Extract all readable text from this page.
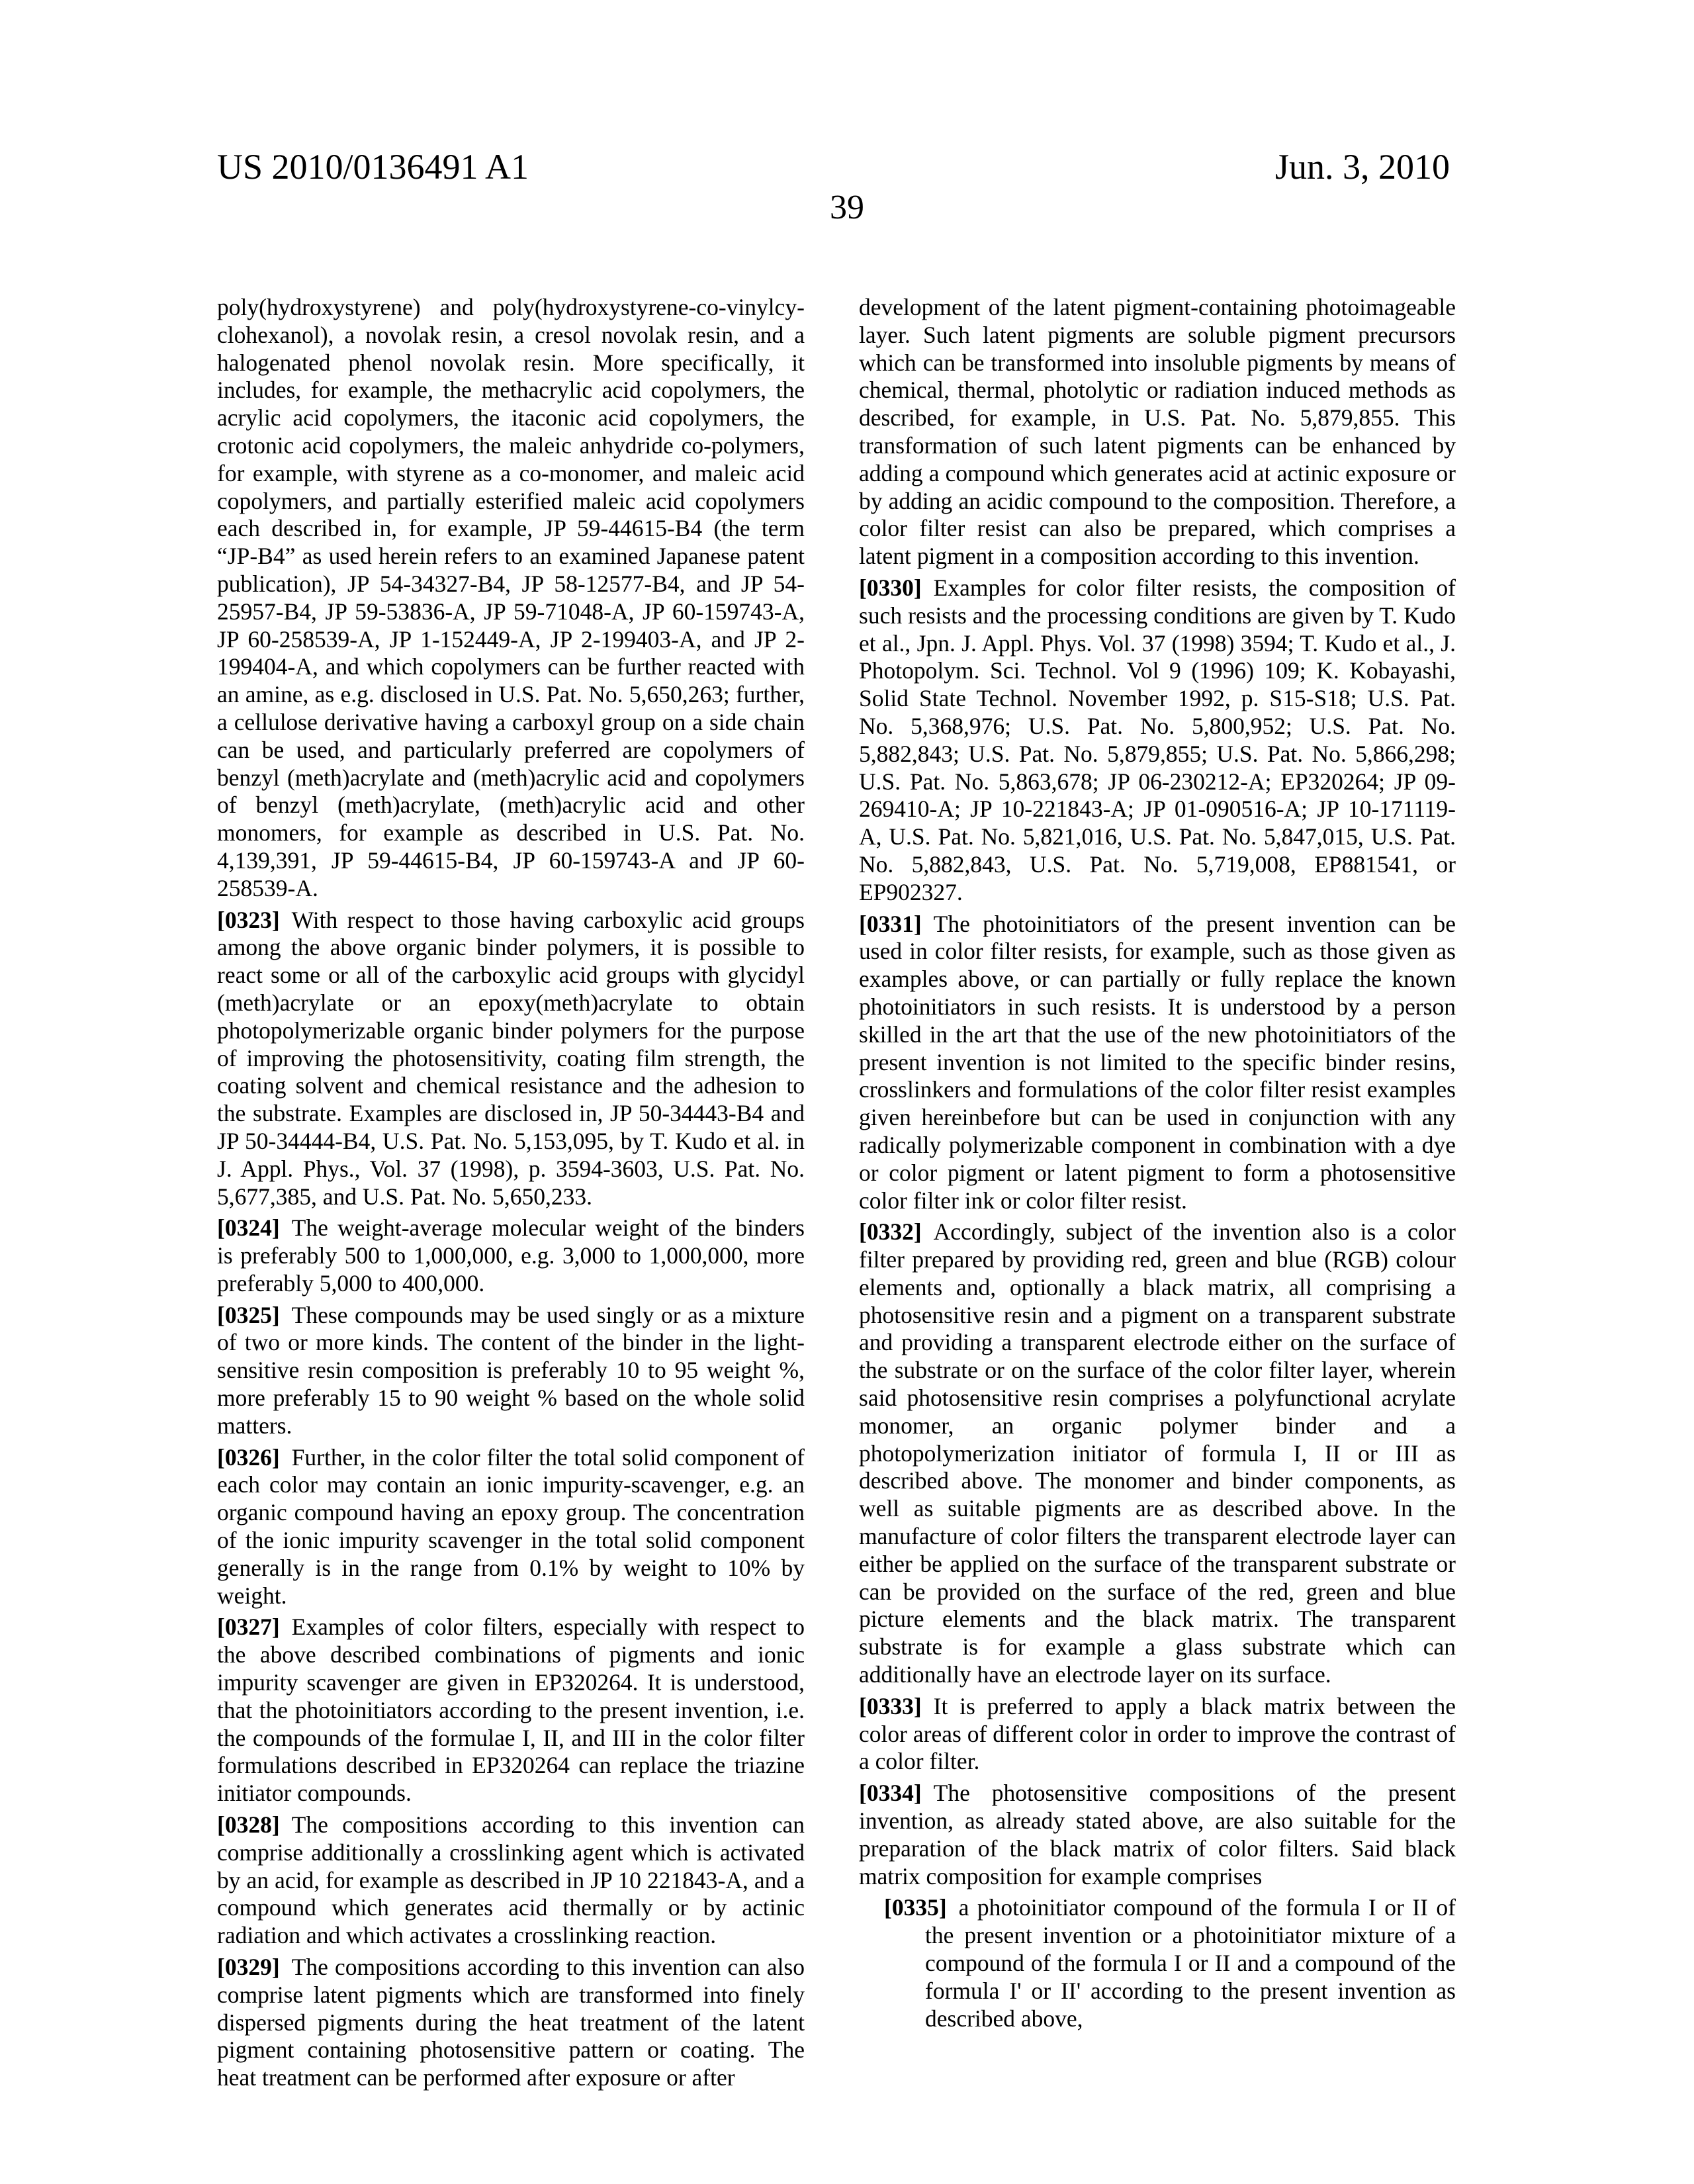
US 2010/0136491 A1	Jun. 3, 2010
39

poly(hydroxystyrene) and poly(hydroxystyrene-co-vinylcy-clohexanol), a novolak resin, a cresol novolak resin, and a halogenated phenol novolak resin. More specifically, it includes, for example, the methacrylic acid copolymers, the acrylic acid copolymers, the itaconic acid copolymers, the crotonic acid copolymers, the maleic anhydride co-polymers, for example, with styrene as a co-monomer, and maleic acid copolymers, and partially esterified maleic acid copolymers each described in, for example, JP 59-44615-B4 (the term “JP-B4” as used herein refers to an examined Japanese patent publication), JP 54-34327-B4, JP 58-12577-B4, and JP 54-25957-B4, JP 59-53836-A, JP 59-71048-A, JP 60-159743-A, JP 60-258539-A, JP 1-152449-A, JP 2-199403-A, and JP 2-199404-A, and which copolymers can be further reacted with an amine, as e.g. disclosed in U.S. Pat. No. 5,650,263; further, a cellulose derivative having a carboxyl group on a side chain can be used, and particularly preferred are copolymers of benzyl (meth)acrylate and (meth)acrylic acid and copolymers of benzyl (meth)acrylate, (meth)acrylic acid and other monomers, for example as described in U.S. Pat. No. 4,139,391, JP 59-44615-B4, JP 60-159743-A and JP 60-258539-A.

[0323] With respect to those having carboxylic acid groups among the above organic binder polymers, it is possible to react some or all of the carboxylic acid groups with glycidyl (meth)acrylate or an epoxy(meth)acrylate to obtain photopolymerizable organic binder polymers for the purpose of improving the photosensitivity, coating film strength, the coating solvent and chemical resistance and the adhesion to the substrate. Examples are disclosed in, JP 50-34443-B4 and JP 50-34444-B4, U.S. Pat. No. 5,153,095, by T. Kudo et al. in J. Appl. Phys., Vol. 37 (1998), p. 3594-3603, U.S. Pat. No. 5,677,385, and U.S. Pat. No. 5,650,233.

[0324] The weight-average molecular weight of the binders is preferably 500 to 1,000,000, e.g. 3,000 to 1,000,000, more preferably 5,000 to 400,000.

[0325] These compounds may be used singly or as a mixture of two or more kinds. The content of the binder in the light-sensitive resin composition is preferably 10 to 95 weight %, more preferably 15 to 90 weight % based on the whole solid matters.

[0326] Further, in the color filter the total solid component of each color may contain an ionic impurity-scavenger, e.g. an organic compound having an epoxy group. The concentration of the ionic impurity scavenger in the total solid component generally is in the range from 0.1% by weight to 10% by weight.

[0327] Examples of color filters, especially with respect to the above described combinations of pigments and ionic impurity scavenger are given in EP320264. It is understood, that the photoinitiators according to the present invention, i.e. the compounds of the formulae I, II, and III in the color filter formulations described in EP320264 can replace the triazine initiator compounds.

[0328] The compositions according to this invention can comprise additionally a crosslinking agent which is activated by an acid, for example as described in JP 10 221843-A, and a compound which generates acid thermally or by actinic radiation and which activates a crosslinking reaction.

[0329] The compositions according to this invention can also comprise latent pigments which are transformed into finely dispersed pigments during the heat treatment of the latent pigment containing photosensitive pattern or coating. The heat treatment can be performed after exposure or after

development of the latent pigment-containing photoimageable layer. Such latent pigments are soluble pigment precursors which can be transformed into insoluble pigments by means of chemical, thermal, photolytic or radiation induced methods as described, for example, in U.S. Pat. No. 5,879,855. This transformation of such latent pigments can be enhanced by adding a compound which generates acid at actinic exposure or by adding an acidic compound to the composition. Therefore, a color filter resist can also be prepared, which comprises a latent pigment in a composition according to this invention.

[0330] Examples for color filter resists, the composition of such resists and the processing conditions are given by T. Kudo et al., Jpn. J. Appl. Phys. Vol. 37 (1998) 3594; T. Kudo et al., J. Photopolym. Sci. Technol. Vol 9 (1996) 109; K. Kobayashi, Solid State Technol. November 1992, p. S15-S18; U.S. Pat. No. 5,368,976; U.S. Pat. No. 5,800,952; U.S. Pat. No. 5,882,843; U.S. Pat. No. 5,879,855; U.S. Pat. No. 5,866,298; U.S. Pat. No. 5,863,678; JP 06-230212-A; EP320264; JP 09-269410-A; JP 10-221843-A; JP 01-090516-A; JP 10-171119-A, U.S. Pat. No. 5,821,016, U.S. Pat. No. 5,847,015, U.S. Pat. No. 5,882,843, U.S. Pat. No. 5,719,008, EP881541, or EP902327.

[0331] The photoinitiators of the present invention can be used in color filter resists, for example, such as those given as examples above, or can partially or fully replace the known photoinitiators in such resists. It is understood by a person skilled in the art that the use of the new photoinitiators of the present invention is not limited to the specific binder resins, crosslinkers and formulations of the color filter resist examples given hereinbefore but can be used in conjunction with any radically polymerizable component in combination with a dye or color pigment or latent pigment to form a photosensitive color filter ink or color filter resist.

[0332] Accordingly, subject of the invention also is a color filter prepared by providing red, green and blue (RGB) colour elements and, optionally a black matrix, all comprising a photosensitive resin and a pigment on a transparent substrate and providing a transparent electrode either on the surface of the substrate or on the surface of the color filter layer, wherein said photosensitive resin comprises a polyfunctional acrylate monomer, an organic polymer binder and a photopolymerization initiator of formula I, II or III as described above. The monomer and binder components, as well as suitable pigments are as described above. In the manufacture of color filters the transparent electrode layer can either be applied on the surface of the transparent substrate or can be provided on the surface of the red, green and blue picture elements and the black matrix. The transparent substrate is for example a glass substrate which can additionally have an electrode layer on its surface.

[0333] It is preferred to apply a black matrix between the color areas of different color in order to improve the contrast of a color filter.

[0334] The photosensitive compositions of the present invention, as already stated above, are also suitable for the preparation of the black matrix of color filters. Said black matrix composition for example comprises

[0335] a photoinitiator compound of the formula I or II of the present invention or a photoinitiator mixture of a compound of the formula I or II and a compound of the formula I' or II' according to the present invention as described above,
